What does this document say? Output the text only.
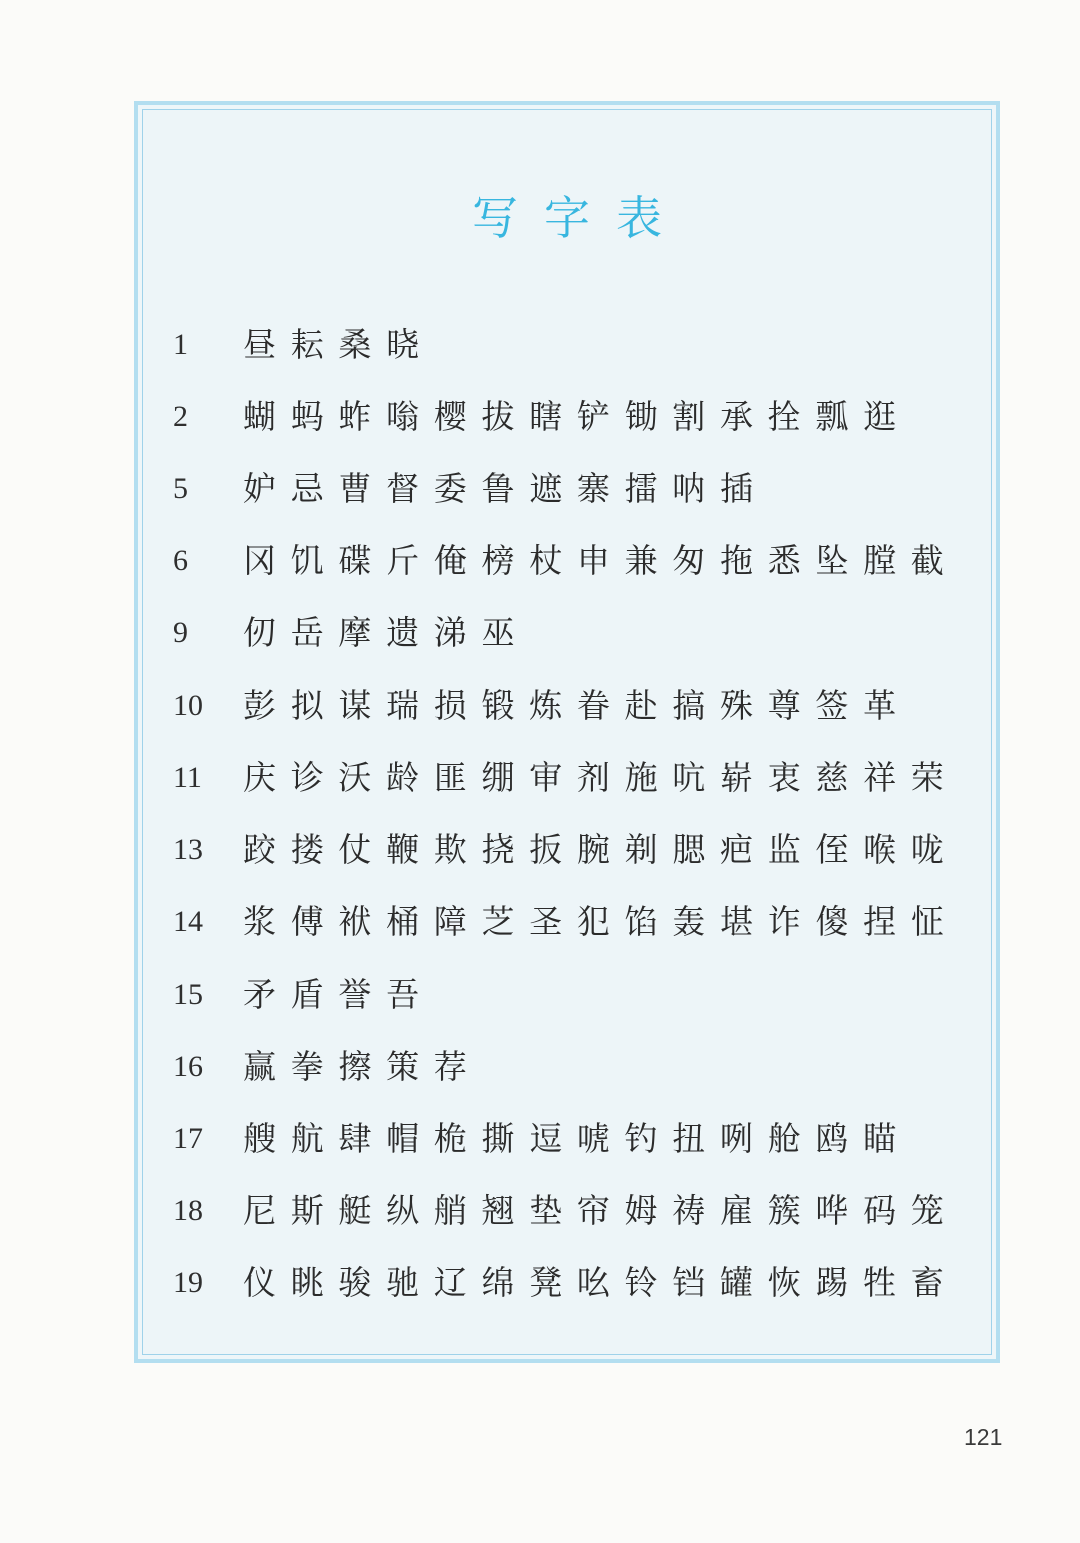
写字表
1	昼耘桑晓
2	蝴蚂蚱嗡樱拔瞎铲锄割承拴瓢逛
5	妒忌曹督委鲁遮寨擂呐插
6	冈饥碟斤俺榜杖申兼匆拖悉坠膛截
9	仞岳摩遗涕巫
10	彭拟谋瑞损锻炼眷赴搞殊尊签革
11	庆诊沃龄匪绷审剂施吭崭衷慈祥荣
13	跤搂仗鞭欺挠扳腕剃腮疤监侄喉咙
14	浆傅袱桶障芝圣犯馅轰堪诈傻捏怔
15	矛盾誉吾
16	赢拳擦策荐
17	艘航肆帽桅撕逗唬钓扭咧舱鸥瞄
18	尼斯艇纵艄翘垫帘姆祷雇簇哗码笼
19	仪眺骏驰辽绵凳吆铃铛罐恢踢牲畜
121
